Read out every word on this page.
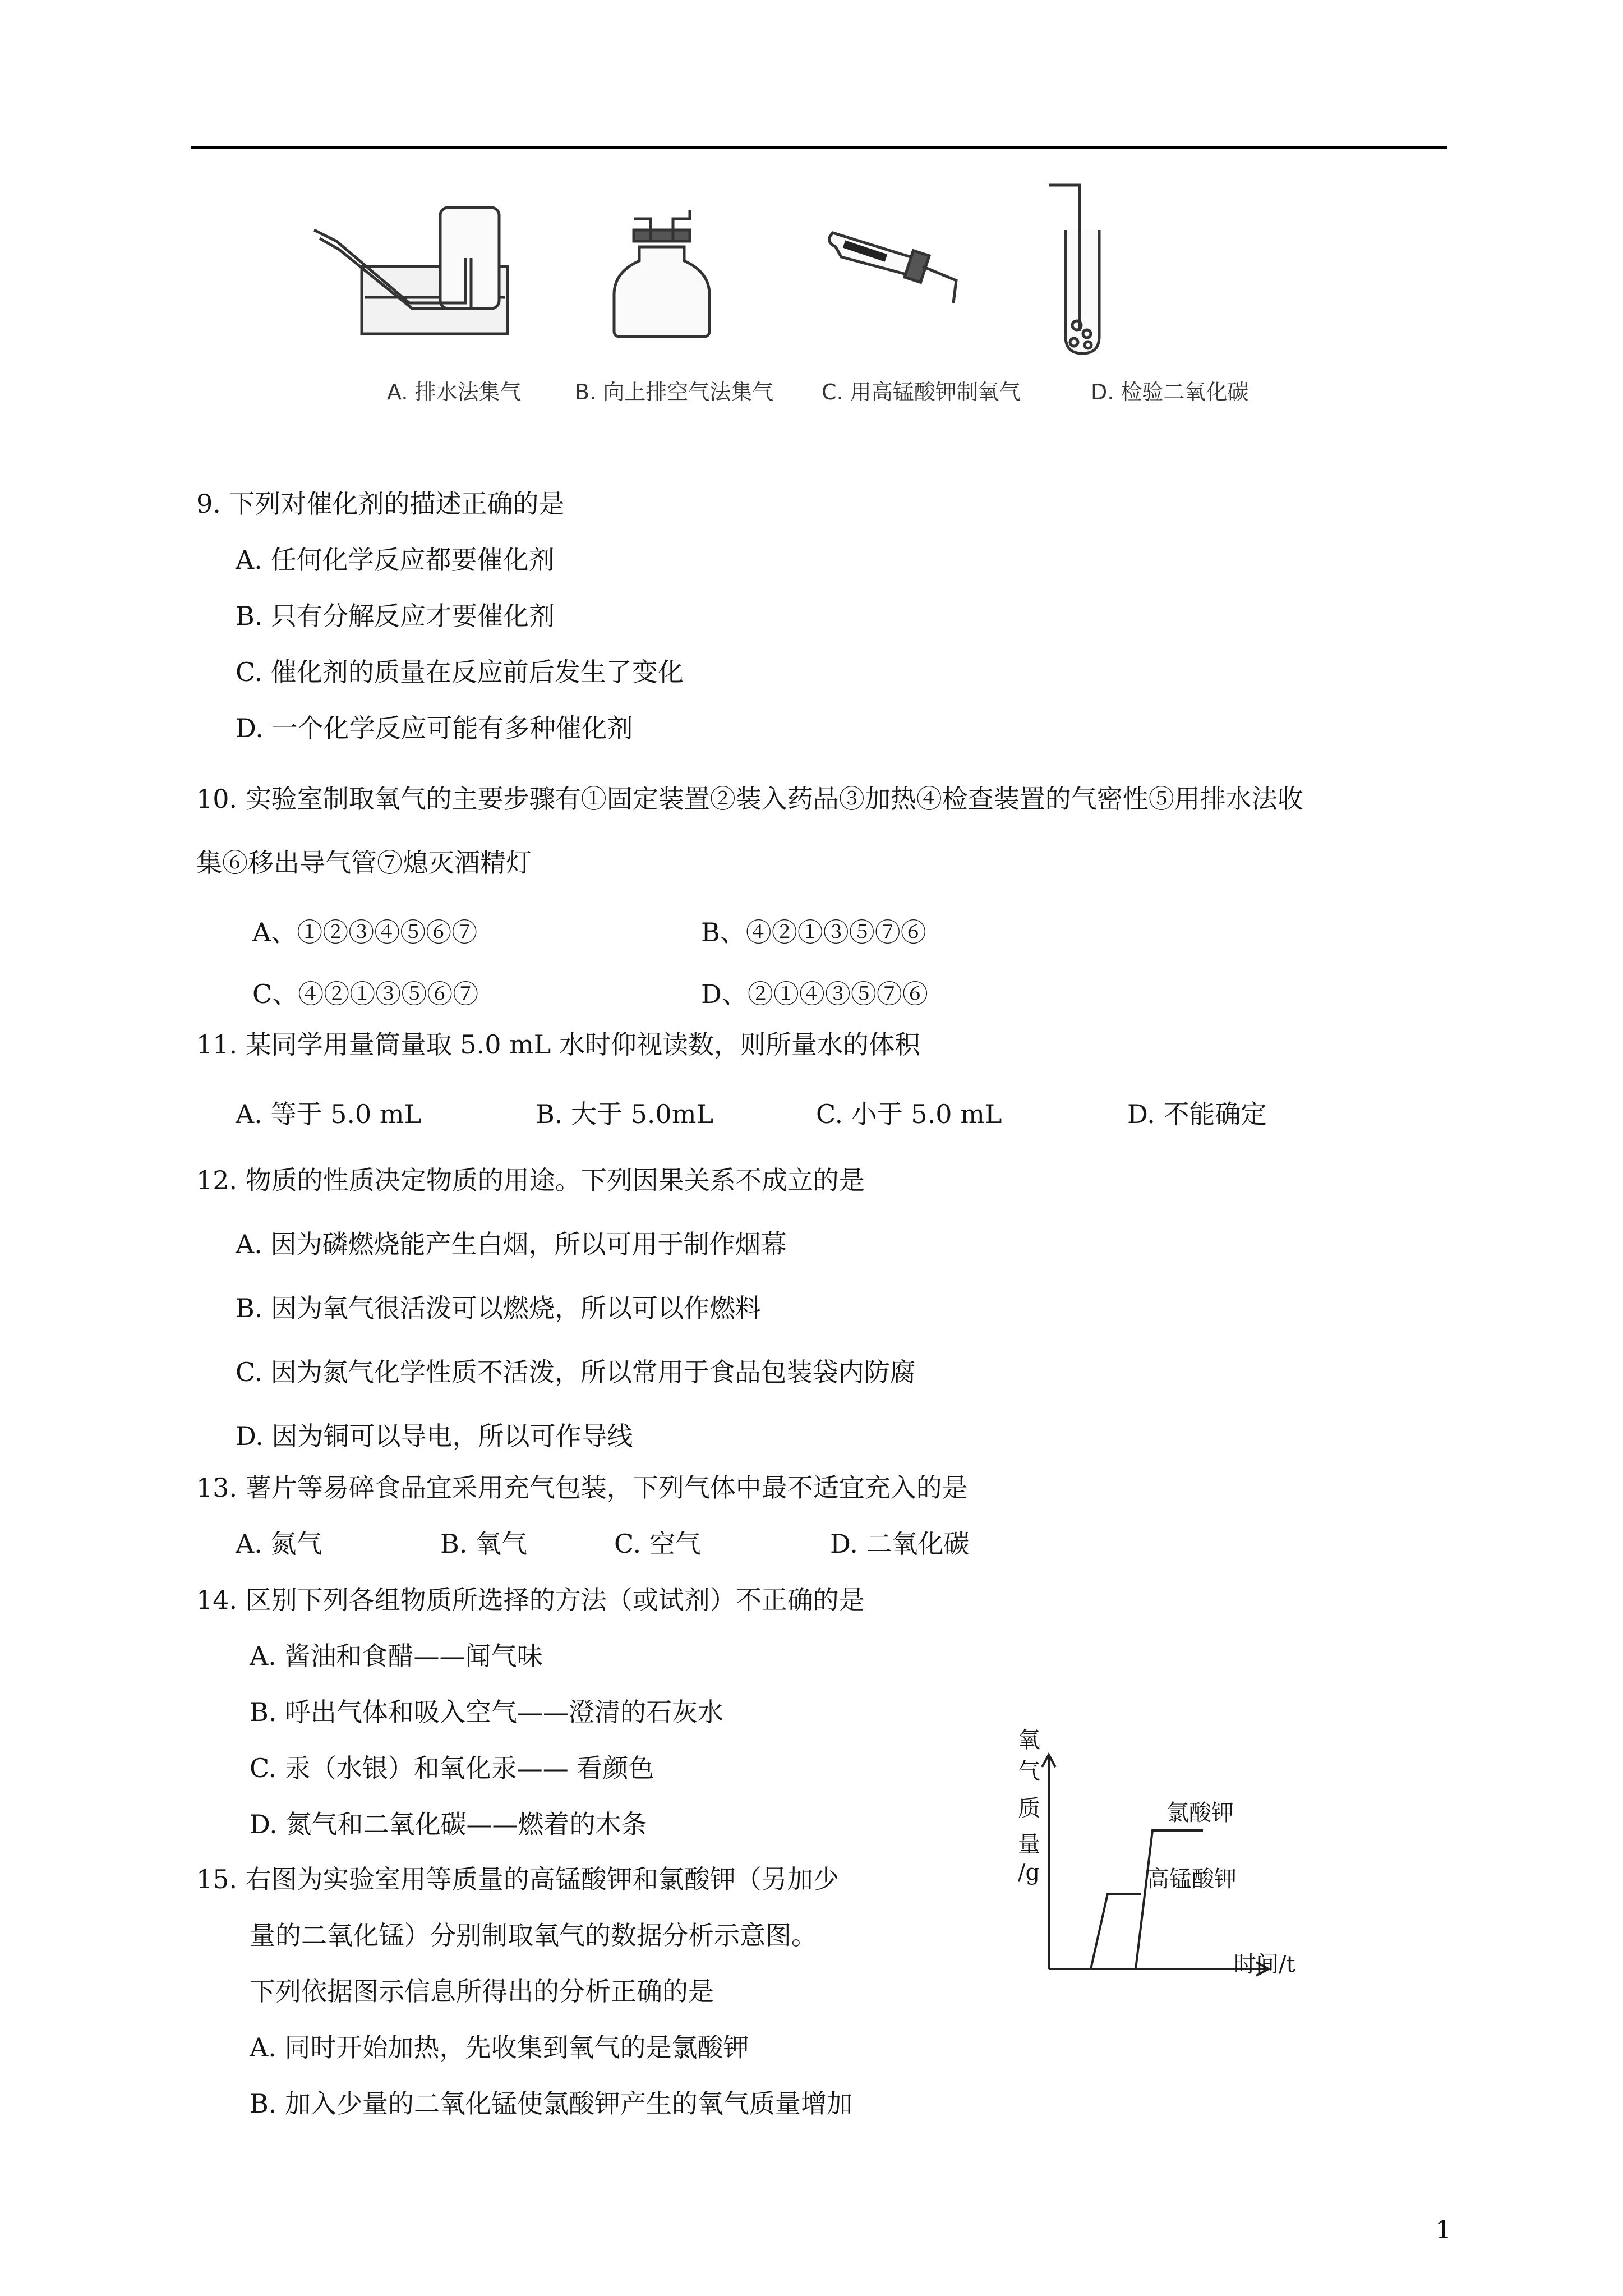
A. 排水法集气	B. 向上排空气法集气 C. 用高锰酸钾制氧气	D. 检验二氧化碳
9. 下列对催化剂的描述正确的是
A. 任何化学反应都要催化剂
B. 只有分解反应才要催化剂
C. 催化剂的质量在反应前后发生了变化
D. 一个化学反应可能有多种催化剂
10. 实验室制取氧气的主要步骤有①固定装置②装入药品③加热④检查装置的气密性⑤用排水法收
集⑥移出导气管⑦熄灭酒精灯
A、①②③④⑤⑥⑦	B、④②①③⑤⑦⑥
C、④②①③⑤⑥⑦	D、②①④③⑤⑦⑥
11. 某同学用量筒量取 5.0 mL 水时仰视读数，则所量水的体积
A. 等于 5.0 mL	B. 大于 5.0mL	C. 小于 5.0 mL	D. 不能确定
12. 物质的性质决定物质的用途。下列因果关系不成立的是
A. 因为磷燃烧能产生白烟，所以可用于制作烟幕
B. 因为氧气很活泼可以燃烧，所以可以作燃料
C. 因为氮气化学性质不活泼，所以常用于食品包装袋内防腐
D. 因为铜可以导电，所以可作导线
13. 薯片等易碎食品宜采用充气包装，下列气体中最不适宜充入的是
A. 氮气	B. 氧气	C. 空气	D. 二氧化碳
14. 区别下列各组物质所选择的方法（或试剂）不正确的是
A. 酱油和食醋——闻气味
B. 呼出气体和吸入空气——澄清的石灰水
C. 汞（水银）和氧化汞—— 看颜色
D. 氮气和二氧化碳——燃着的木条
15. 右图为实验室用等质量的高锰酸钾和氯酸钾（另加少
量的二氧化锰）分别制取氧气的数据分析示意图。
下列依据图示信息所得出的分析正确的是
A. 同时开始加热，先收集到氧气的是氯酸钾
B. 加入少量的二氧化锰使氯酸钾产生的氧气质量增加
氧
气
质
量
/g
氯酸钾
高锰酸钾
时间/t
1
